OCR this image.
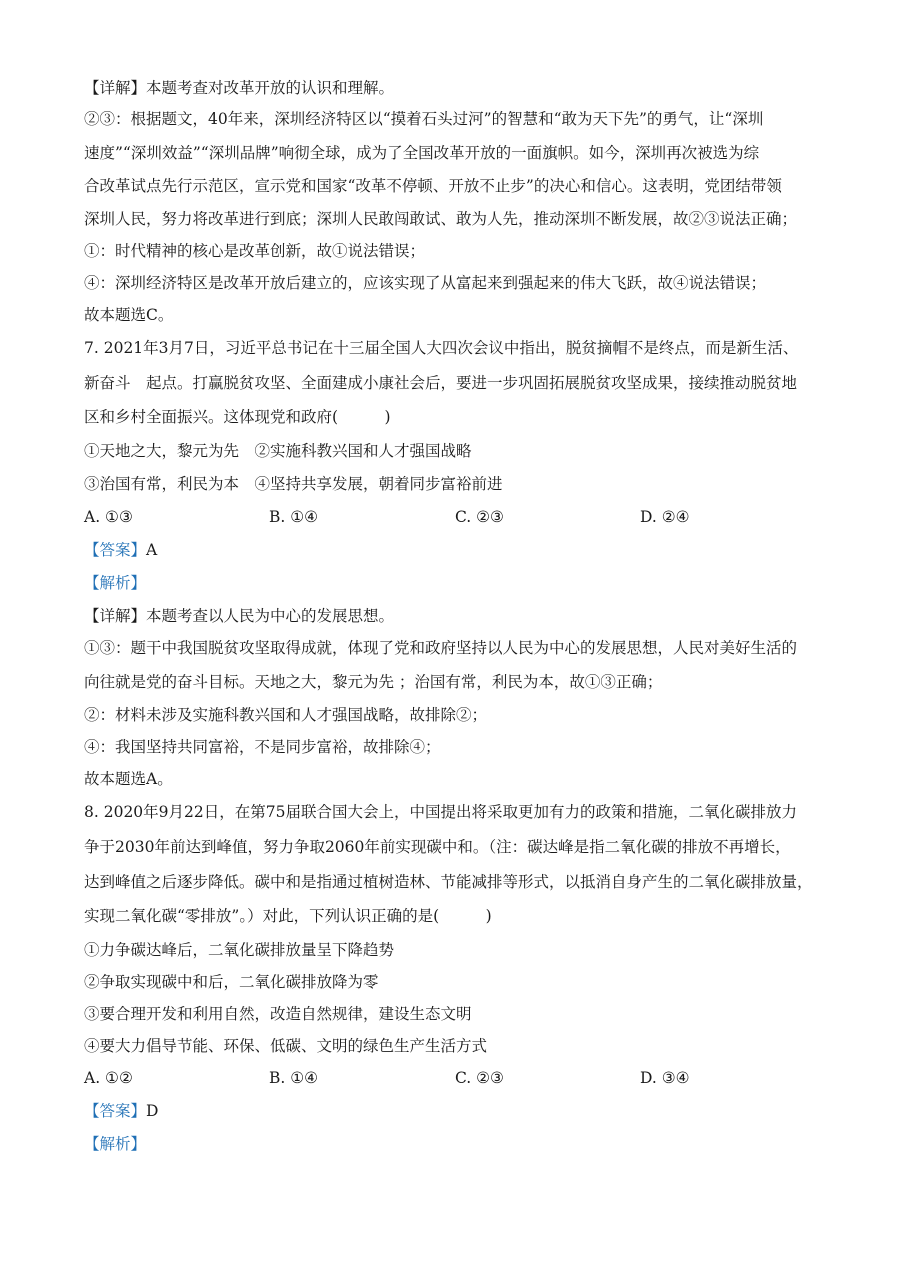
【详解】本题考查对改革开放的认识和理解。
②③：根据题文，40年来，深圳经济特区以“摸着石头过河”的智慧和“敢为天下先”的勇气，让“深圳
速度”“深圳效益”“深圳品牌”响彻全球，成为了全国改革开放的一面旗帜。如今，深圳再次被选为综
合改革试点先行示范区，宣示党和国家“改革不停顿、开放不止步”的决心和信心。这表明，党团结带领
深圳人民，努力将改革进行到底；深圳人民敢闯敢试、敢为人先，推动深圳不断发展，故②③说法正确；
①：时代精神的核心是改革创新，故①说法错误；
④：深圳经济特区是改革开放后建立的，应该实现了从富起来到强起来的伟大飞跃，故④说法错误；
故本题选C。
7. 2021年3月7日，习近平总书记在十三届全国人大四次会议中指出，脱贫摘帽不是终点，而是新生活、
新奋斗　起点。打赢脱贫攻坚、全面建成小康社会后，要进一步巩固拓展脱贫攻坚成果，接续推动脱贫地
区和乡村全面振兴。这体现党和政府(　　　)
①天地之大，黎元为先　②实施科教兴国和人才强国战略
③治国有常，利民为本　④坚持共享发展，朝着同步富裕前进
A. ①③	B. ①④	C. ②③	D. ②④
【答案】A
【解析】
【详解】本题考查以人民为中心的发展思想。
①③：题干中我国脱贫攻坚取得成就，体现了党和政府坚持以人民为中心的发展思想，人民对美好生活的
向往就是党的奋斗目标。天地之大，黎元为先 ；治国有常，利民为本，故①③正确；
②：材料未涉及实施科教兴国和人才强国战略，故排除②；
④：我国坚持共同富裕，不是同步富裕，故排除④；
故本题选A。
8. 2020年9月22日，在第75届联合国大会上，中国提出将采取更加有力的政策和措施，二氧化碳排放力
争于2030年前达到峰值，努力争取2060年前实现碳中和。（注：碳达峰是指二氧化碳的排放不再增长，
达到峰值之后逐步降低。碳中和是指通过植树造林、节能减排等形式，以抵消自身产生的二氧化碳排放量，
实现二氧化碳“零排放”。）对此，下列认识正确的是(　　　)
①力争碳达峰后，二氧化碳排放量呈下降趋势
②争取实现碳中和后，二氧化碳排放降为零
③要合理开发和利用自然，改造自然规律，建设生态文明
④要大力倡导节能、环保、低碳、文明的绿色生产生活方式
A. ①②	B. ①④	C. ②③	D. ③④
【答案】D
【解析】
